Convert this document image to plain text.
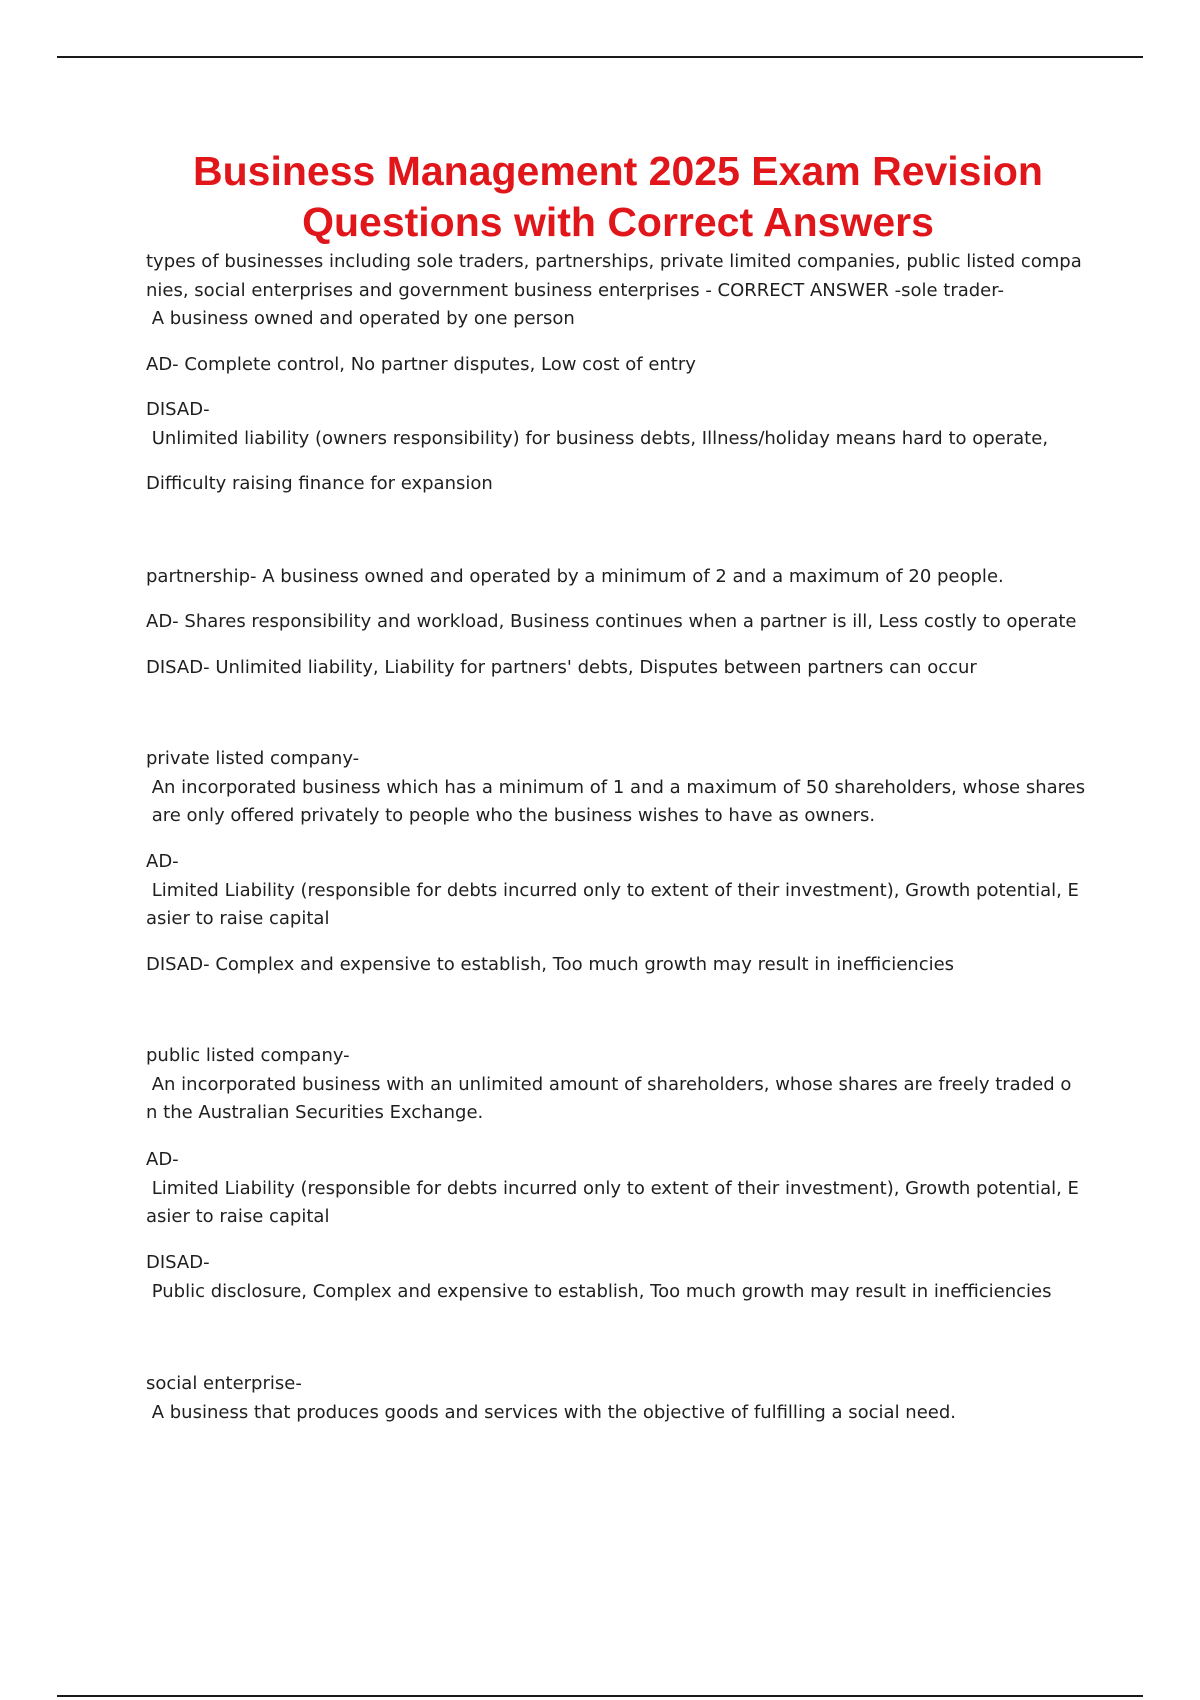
Business Management 2025 Exam Revision
Questions with Correct Answers

types of businesses including sole traders, partnerships, private limited companies, public listed compa

nies, social enterprises and government business enterprises - CORRECT ANSWER -sole trader-

A business owned and operated by one person

AD- Complete control, No partner disputes, Low cost of entry

DISAD-

Unlimited liability (owners responsibility) for business debts, Illness/holiday means hard to operate,

Difficulty raising finance for expansion

partnership- A business owned and operated by a minimum of 2 and a maximum of 20 people.

AD- Shares responsibility and workload, Business continues when a partner is ill, Less costly to operate

DISAD- Unlimited liability, Liability for partners' debts, Disputes between partners can occur

private listed company-

An incorporated business which has a minimum of 1 and a maximum of 50 shareholders, whose shares

are only offered privately to people who the business wishes to have as owners.

AD-

Limited Liability (responsible for debts incurred only to extent of their investment), Growth potential, E

asier to raise capital

DISAD- Complex and expensive to establish, Too much growth may result in inefficiencies

public listed company-

An incorporated business with an unlimited amount of shareholders, whose shares are freely traded o

n the Australian Securities Exchange.

AD-

Limited Liability (responsible for debts incurred only to extent of their investment), Growth potential, E

asier to raise capital

DISAD-

Public disclosure, Complex and expensive to establish, Too much growth may result in inefficiencies

social enterprise-

A business that produces goods and services with the objective of fulfilling a social need.
